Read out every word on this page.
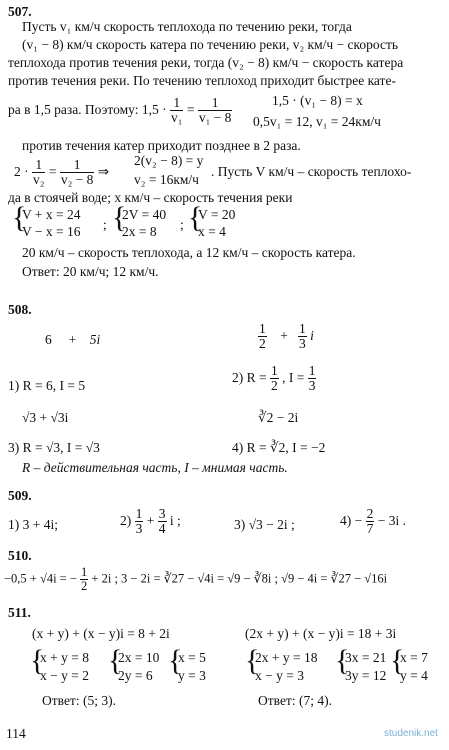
507.
Пусть v₁ км/ч скорость теплохода по течению реки, тогда
(v₁ − 8) км/ч скорость катера по течению реки, v₂ км/ч − скорость
теплохода против течения реки, тогда (v₂ − 8) км/ч − скорость катера
против течения реки. По течению теплоход приходит быстрее кате-
ра в 1,5 раза. Поэтому: $1,5 \cdot \frac{1}{\text{v₁}} = \frac{1}{\text{v₁ − 8}}$	1,5 · (v₁ − 8) = x
0,5v₁ = 12, v₁ = 24км/ч
против течения катер приходит позднее в 2 раза.
$2 \cdot \frac{1}{\text{v₂}} = \frac{1}{\text{v₂ − 8}}$ ⇒
2(v₂ − 8) = y
v₂ = 16км/ч
. Пусть V км/ч – скорость теплохо-
да в стоячей воде; x км/ч – скорость течения реки
{
V + x = 24
V − x = 16 ; {
2V = 40
2x = 8 ; {
V = 20
x = 4
20 км/ч – скорость теплохода, а 12 км/ч – скорость катера.
Ответ: 20 км/ч; 12 км/ч.
508.
6 + 5i	$\frac{1}{2} + \frac{1}{3}$ i
1) R = 6, I = 5
2) $R = \frac{1}{2}$ , $I = \frac{1}{3}$
√3 + √3i	∛2 − 2i
3) R = √3, I = √3	4) R = ∛2, I = −2
R – действительная часть, I – мнимая часть.
509.
1) 3 + 4i;	$2) \frac{1}{3} + \frac{3}{4}$ i ;	3) √3 − 2i ;	$4) - \frac{2}{7} - 3i$ .
510.
−0,5 + √4i = − $\frac{1}{2} + 2i$ ; 3 − 2i = ∛27 − √4i = √9 − ∛8i ; √9 − 4i = ∛27 − √16i
511.
(x + y) + (x − y)i = 8 + 2i	(2x + y) + (x − y)i = 18 + 3i
{
x + y = 8
x − y = 2 {
2x = 10
2y = 6 {
x = 5
y = 3 {
2x + y = 18
x − y = 3 {
3x = 21
3y = 12 {
x = 7
y = 4
Ответ: (5; 3).	Ответ: (7; 4).
114	studenik.net
